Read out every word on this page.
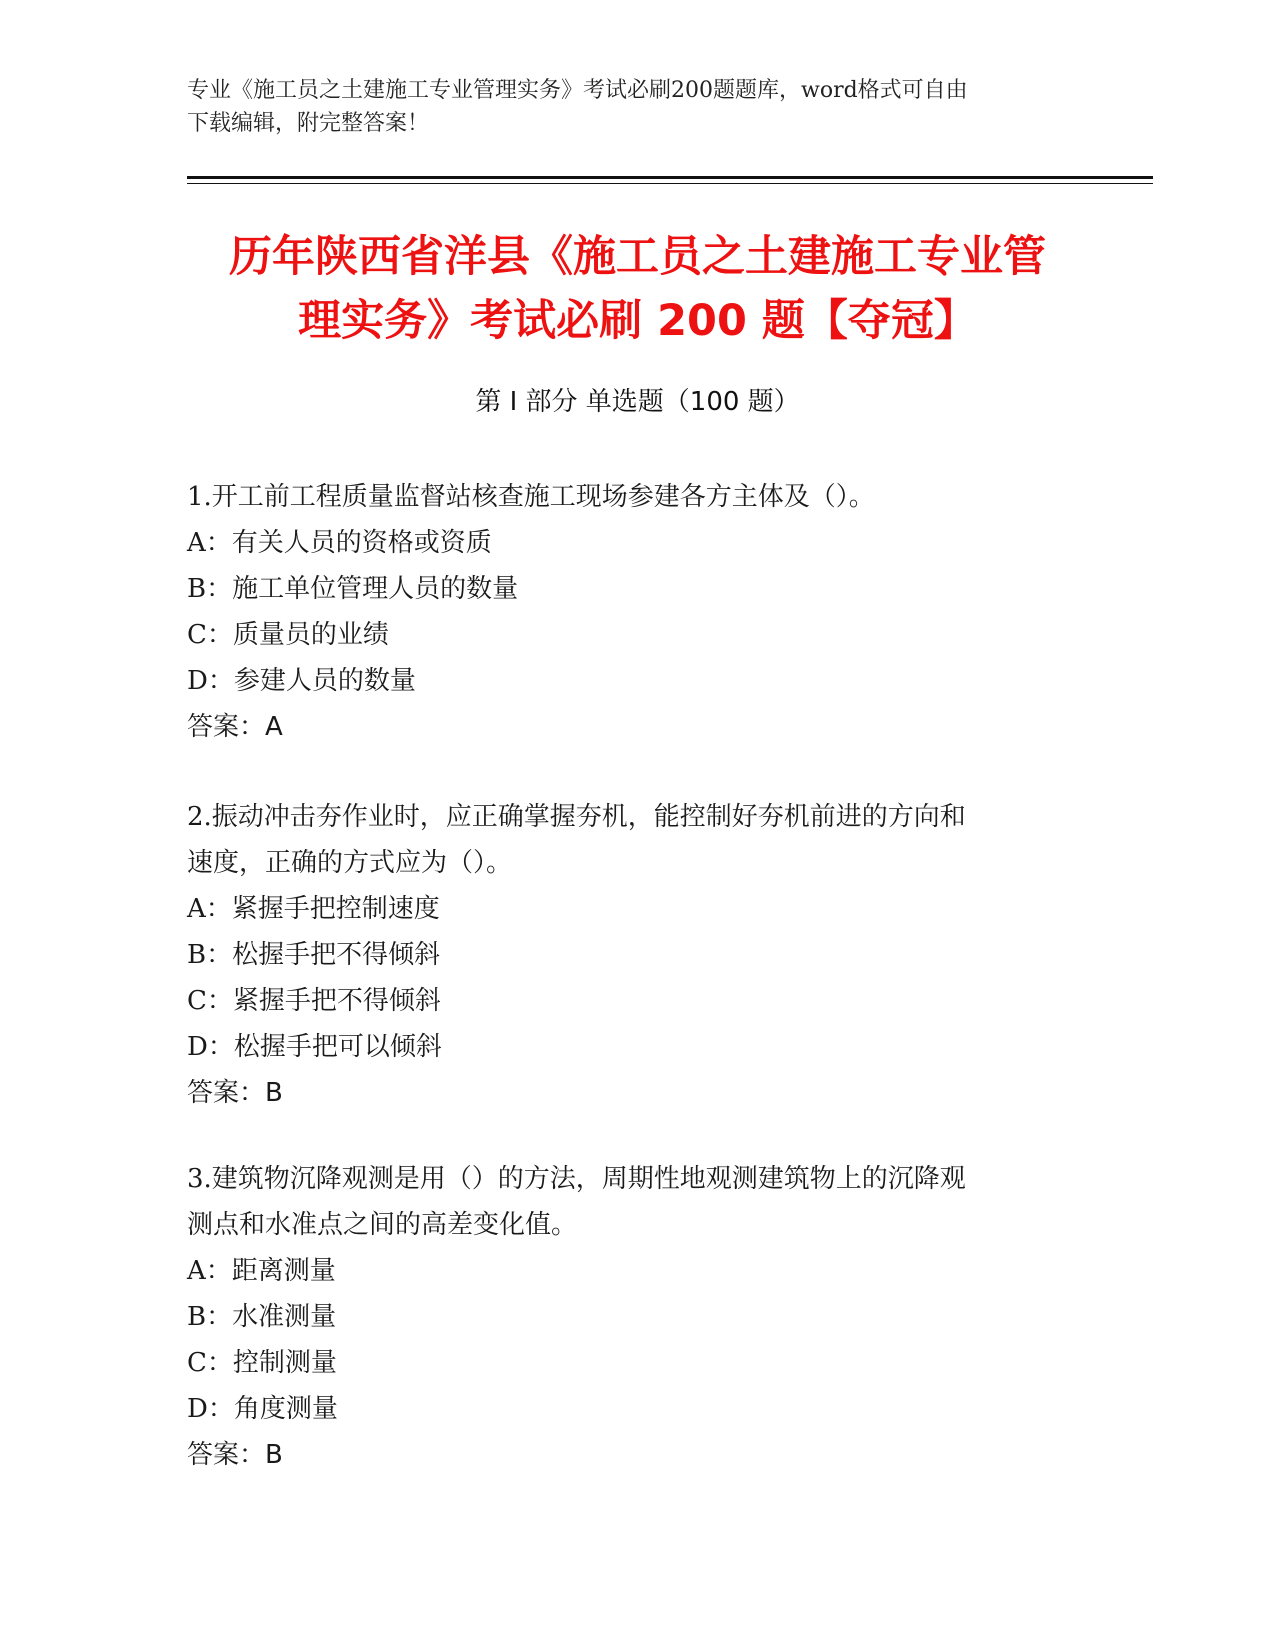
专业《施工员之土建施工专业管理实务》考试必刷200题题库，word格式可自由
下载编辑，附完整答案！
历年陕西省洋县《施工员之土建施工专业管
理实务》考试必刷 200 题【夺冠】
第 I 部分 单选题（100 题）
1.开工前工程质量监督站核查施工现场参建各方主体及（）。
A：有关人员的资格或资质
B：施工单位管理人员的数量
C：质量员的业绩
D：参建人员的数量
答案：A
2.振动冲击夯作业时，应正确掌握夯机，能控制好夯机前进的方向和
速度，正确的方式应为（）。
A：紧握手把控制速度
B：松握手把不得倾斜
C：紧握手把不得倾斜
D：松握手把可以倾斜
答案：B
3.建筑物沉降观测是用（）的方法，周期性地观测建筑物上的沉降观
测点和水准点之间的高差变化值。
A：距离测量
B：水准测量
C：控制测量
D：角度测量
答案：B
